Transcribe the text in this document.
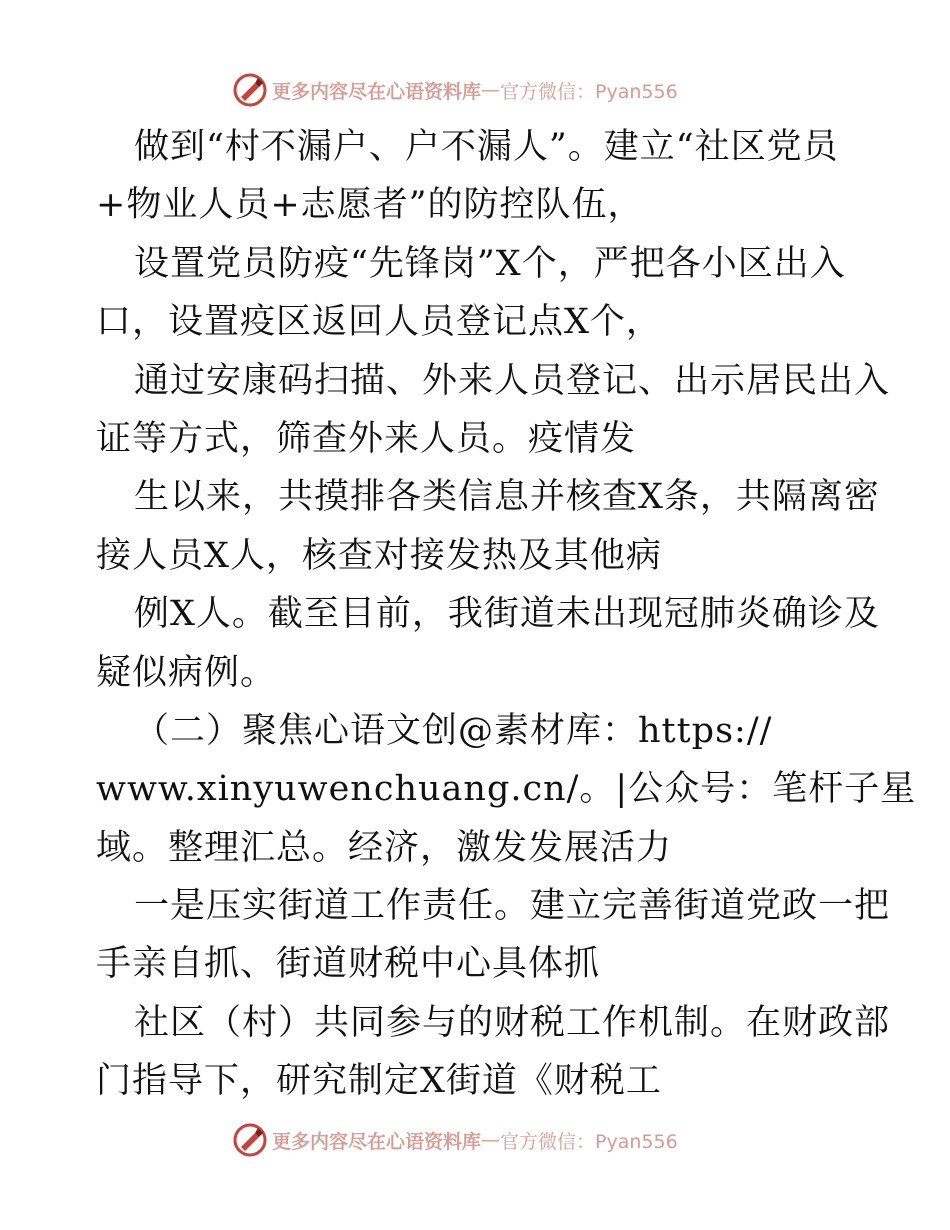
更多内容尽在心语资料库 — 官方微信：Pyan556
做到“村不漏户、户不漏人”。建立“社区党员
+物业人员+志愿者”的防控队伍，
设置党员防疫“先锋岗”X个，严把各小区出入
口，设置疫区返回人员登记点X个，
通过安康码扫描、外来人员登记、出示居民出入
证等方式，筛查外来人员。疫情发
生以来，共摸排各类信息并核查X条，共隔离密
接人员X人，核查对接发热及其他病
例X人。截至目前，我街道未出现冠肺炎确诊及
疑似病例。
（二）聚焦心语文创@素材库：https://
www.xinyuwenchuang.cn/。|公众号：笔杆子星
域。整理汇总。经济，激发发展活力
一是压实街道工作责任。建立完善街道党政一把
手亲自抓、街道财税中心具体抓
社区（村）共同参与的财税工作机制。在财政部
门指导下，研究制定X街道《财税工
更多内容尽在心语资料库 — 官方微信：Pyan556
